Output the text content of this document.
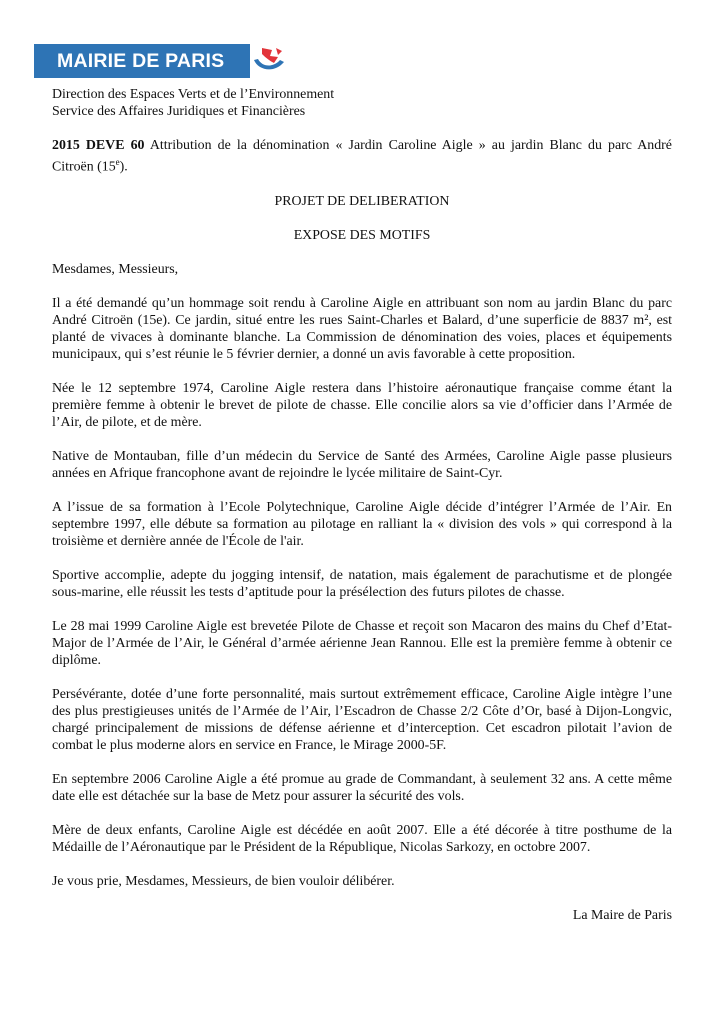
MAIRIE DE PARIS

Direction des Espaces Verts et de l’Environnement
Service des Affaires Juridiques et Financières

2015 DEVE 60 Attribution de la dénomination « Jardin Caroline Aigle » au jardin Blanc du parc André Citroën (15e).

PROJET DE DELIBERATION

EXPOSE DES MOTIFS

Mesdames, Messieurs,

Il a été demandé qu’un hommage soit rendu à Caroline Aigle en attribuant son nom au jardin Blanc du parc André Citroën (15e). Ce jardin, situé entre les rues Saint-Charles et Balard, d’une superficie de 8837 m², est planté de vivaces à dominante blanche. La Commission de dénomination des voies, places et équipements municipaux, qui s’est réunie le 5 février dernier, a donné un avis favorable à cette proposition.

Née le 12 septembre 1974, Caroline Aigle restera dans l’histoire aéronautique française comme étant la première femme à obtenir le brevet de pilote de chasse. Elle concilie alors sa vie d’officier dans l’Armée de l’Air, de pilote, et de mère.

Native de Montauban, fille d’un médecin du Service de Santé des Armées, Caroline Aigle passe plusieurs années en Afrique francophone avant de rejoindre le lycée militaire de Saint-Cyr.

A l’issue de sa formation à l’Ecole Polytechnique, Caroline Aigle décide d’intégrer l’Armée de l’Air. En septembre 1997, elle débute sa formation au pilotage en ralliant la « division des vols » qui correspond à la troisième et dernière année de l'École de l'air.

Sportive accomplie, adepte du jogging intensif, de natation, mais également de parachutisme et de plongée sous-marine, elle réussit les tests d’aptitude pour la présélection des futurs pilotes de chasse.

Le 28 mai 1999 Caroline Aigle est brevetée Pilote de Chasse et reçoit son Macaron des mains du Chef d’Etat-Major de l’Armée de l’Air, le Général d’armée aérienne Jean Rannou. Elle est la première femme à obtenir ce diplôme.

Persévérante, dotée d’une forte personnalité, mais surtout extrêmement efficace, Caroline Aigle intègre l’une des plus prestigieuses unités de l’Armée de l’Air, l’Escadron de Chasse 2/2 Côte d’Or, basé à Dijon-Longvic, chargé principalement de missions de défense aérienne et d’interception. Cet escadron pilotait l’avion de combat le plus moderne alors en service en France, le Mirage 2000-5F.

En septembre 2006 Caroline Aigle a été promue au grade de Commandant, à seulement 32 ans. A cette même date elle est détachée sur la base de Metz pour assurer la sécurité des vols.

Mère de deux enfants, Caroline Aigle est décédée en août 2007. Elle a été décorée à titre posthume de la Médaille de l’Aéronautique par le Président de la République, Nicolas Sarkozy, en octobre 2007.

Je vous prie, Mesdames, Messieurs, de bien vouloir délibérer.

La Maire de Paris
